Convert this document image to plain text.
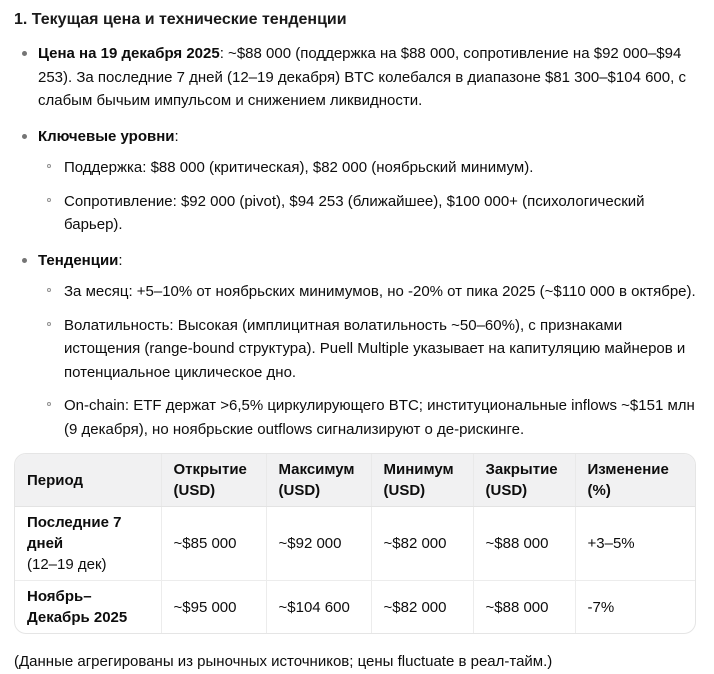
1. Текущая цена и технические тенденции
Цена на 19 декабря 2025: ~$88 000 (поддержка на $88 000, сопротивление на $92 000–$94 253). За последние 7 дней (12–19 декабря) BTC колебался в диапазоне $81 300–$104 600, с слабым бычьим импульсом и снижением ликвидности.
Ключевые уровни:
Поддержка: $88 000 (критическая), $82 000 (ноябрьский минимум).
Сопротивление: $92 000 (pivot), $94 253 (ближайшее), $100 000+ (психологический барьер).
Тенденции:
За месяц: +5–10% от ноябрьских минимумов, но -20% от пика 2025 (~$110 000 в октябре).
Волатильность: Высокая (имплицитная волатильность ~50–60%), с признаками истощения (range-bound структура). Puell Multiple указывает на капитуляцию майнеров и потенциальное циклическое дно.
On-chain: ETF держат >6,5% циркулирующего BTC; институциональные inflows ~$151 млн (9 декабря), но ноябрьские outflows сигнализируют о де-рискинге.
Период	Открытие (USD)	Максимум (USD)	Минимум (USD)	Закрытие (USD)	Изменение (%)

Последние 7 дней
(12–19 дек)	~$85 000	~$92 000	~$82 000	~$88 000	+3–5%

Ноябрь–Декабрь 2025	~$95 000	~$104 600	~$82 000	~$88 000	-7%

(Данные агрегированы из рыночных источников; цены fluctuate в реал-тайм.)
